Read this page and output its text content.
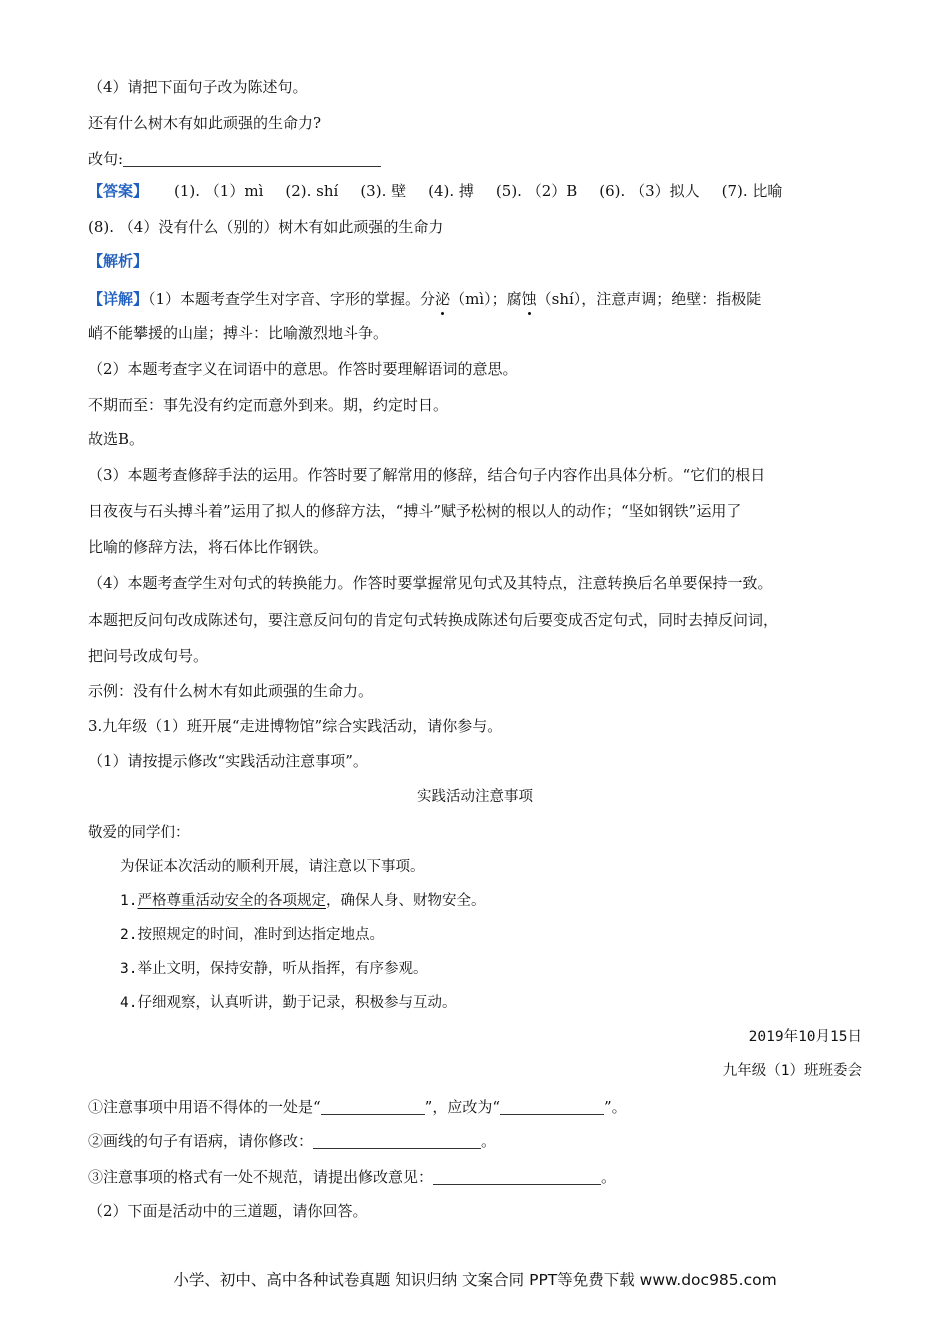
（4）请把下面句子改为陈述句。
还有什么树木有如此顽强的生命力?
改句:
【答案】 (1). （1）mì (2). shí (3). 壁 (4). 搏 (5). （2）B (6). （3）拟人 (7). 比喻
(8). （4）没有什么（别的）树木有如此顽强的生命力
【解析】
【详解】（1）本题考查学生对字音、字形的掌握。分泌（mì）；腐蚀（shí），注意声调；绝壁：指极陡
峭不能攀援的山崖；搏斗：比喻激烈地斗争。
（2）本题考查字义在词语中的意思。作答时要理解语词的意思。
不期而至：事先没有约定而意外到来。期，约定时日。
故选B。
（3）本题考查修辞手法的运用。作答时要了解常用的修辞，结合句子内容作出具体分析。“它们的根日
日夜夜与石头搏斗着”运用了拟人的修辞方法，“搏斗”赋予松树的根以人的动作；“坚如钢铁”运用了
比喻的修辞方法，将石体比作钢铁。
（4）本题考查学生对句式的转换能力。作答时要掌握常见句式及其特点，注意转换后名单要保持一致。
本题把反问句改成陈述句，要注意反问句的肯定句式转换成陈述句后要变成否定句式，同时去掉反问词，
把问号改成句号。
示例：没有什么树木有如此顽强的生命力。
3.九年级（1）班开展“走进博物馆”综合实践活动，请你参与。
（1）请按提示修改“实践活动注意事项”。
实践活动注意事项
敬爱的同学们：
为保证本次活动的顺利开展，请注意以下事项。
1.严格尊重活动安全的各项规定，确保人身、财物安全。
2.按照规定的时间，准时到达指定地点。
3.举止文明，保持安静，听从指挥，有序参观。
4.仔细观察，认真听讲，勤于记录，积极参与互动。
2019年10月15日
九年级（1）班班委会
①注意事项中用语不得体的一处是“	”，应改为“	”。
②画线的句子有语病，请你修改：	。
③注意事项的格式有一处不规范，请提出修改意见：	。
（2）下面是活动中的三道题，请你回答。
小学、初中、高中各种试卷真题 知识归纳 文案合同 PPT等免费下载 www.doc985.com
